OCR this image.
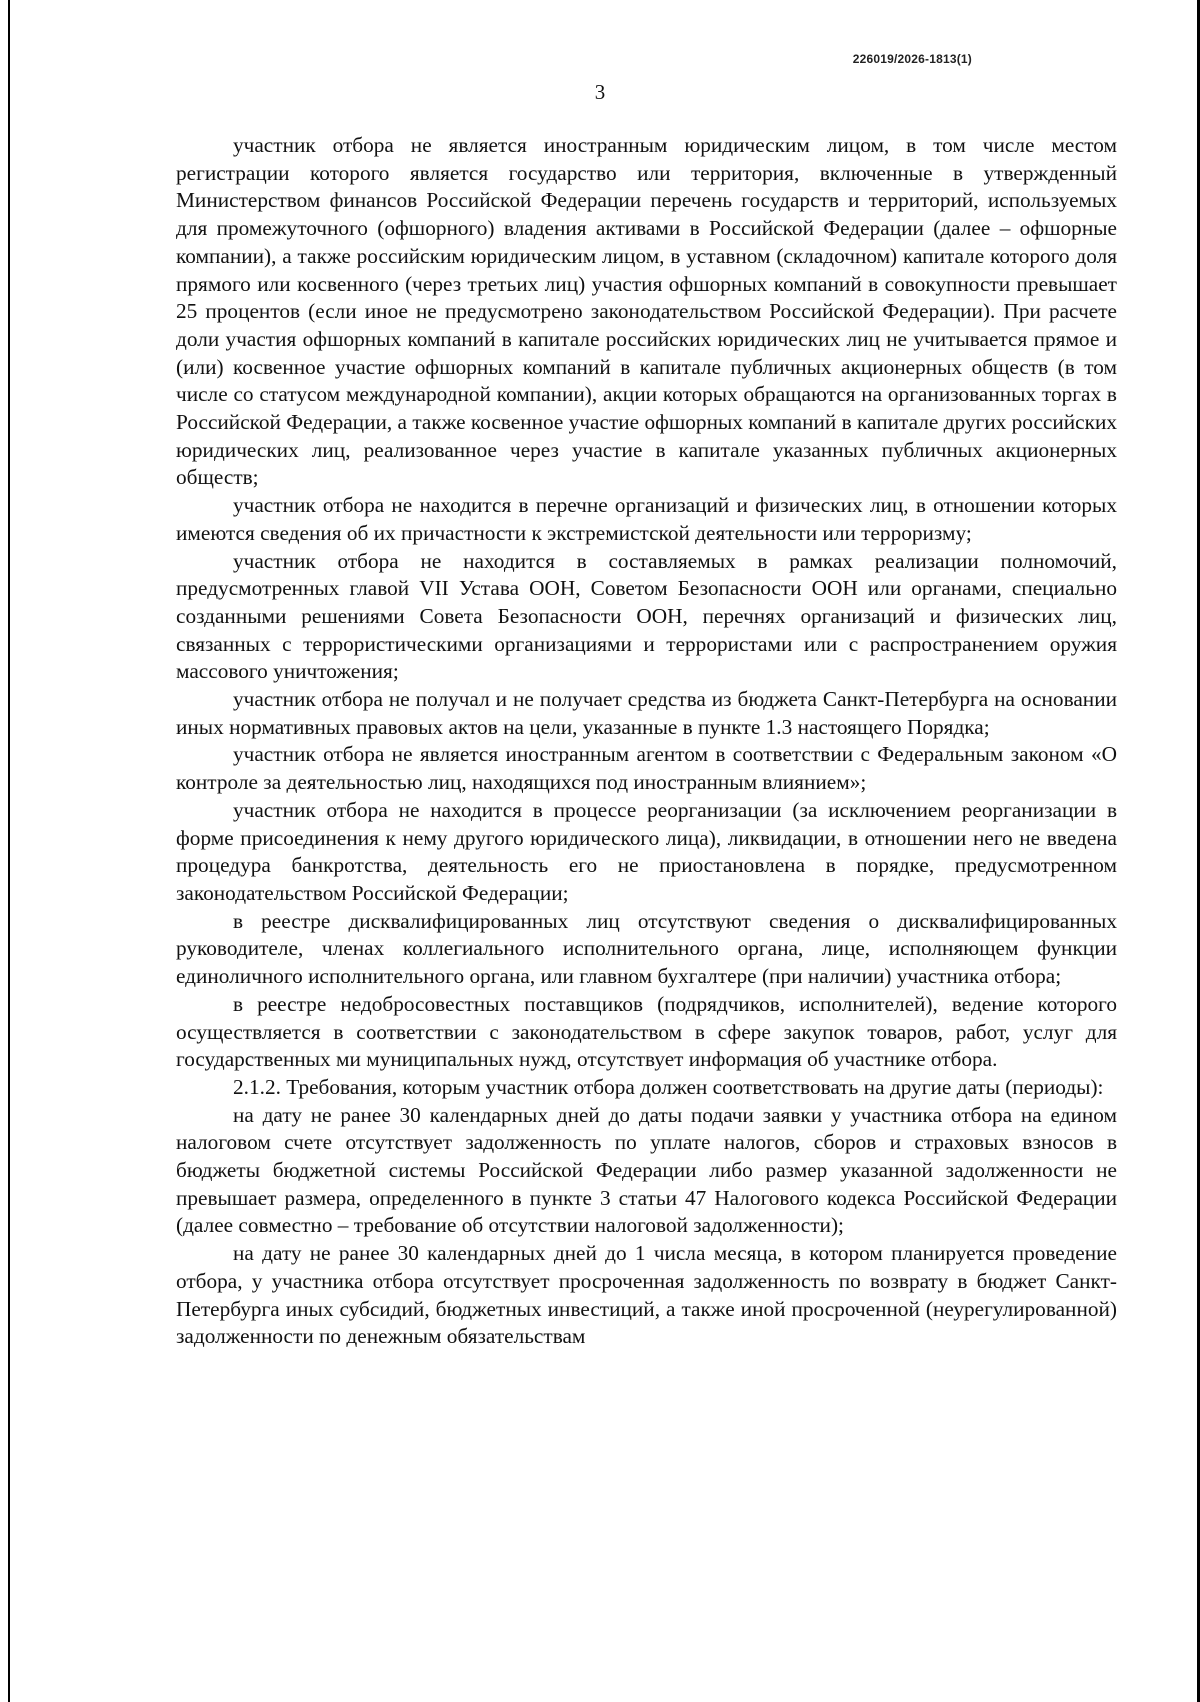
226019/2026-1813(1)
3

участник отбора не является иностранным юридическим лицом, в том числе местом регистрации которого является государство или территория, включенные в утвержденный Министерством финансов Российской Федерации перечень государств и территорий, используемых для промежуточного (офшорного) владения активами в Российской Федерации (далее – офшорные компании), а также российским юридическим лицом, в уставном (складочном) капитале которого доля прямого или косвенного (через третьих лиц) участия офшорных компаний в совокупности превышает 25 процентов (если иное не предусмотрено законодательством Российской Федерации). При расчете доли участия офшорных компаний в капитале российских юридических лиц не учитывается прямое и (или) косвенное участие офшорных компаний в капитале публичных акционерных обществ (в том числе со статусом международной компании), акции которых обращаются на организованных торгах в Российской Федерации, а также косвенное участие офшорных компаний в капитале других российских юридических лиц, реализованное через участие в капитале указанных публичных акционерных обществ;

участник отбора не находится в перечне организаций и физических лиц, в отношении которых имеются сведения об их причастности к экстремистской деятельности или терроризму;

участник отбора не находится в составляемых в рамках реализации полномочий, предусмотренных главой VII Устава ООН, Советом Безопасности ООН или органами, специально созданными решениями Совета Безопасности ООН, перечнях организаций и физических лиц, связанных с террористическими организациями и террористами или с распространением оружия массового уничтожения;

участник отбора не получал и не получает средства из бюджета Санкт-Петербурга на основании иных нормативных правовых актов на цели, указанные в пункте 1.3 настоящего Порядка;

участник отбора не является иностранным агентом в соответствии с Федеральным законом «О контроле за деятельностью лиц, находящихся под иностранным влиянием»;

участник отбора не находится в процессе реорганизации (за исключением реорганизации в форме присоединения к нему другого юридического лица), ликвидации, в отношении него не введена процедура банкротства, деятельность его не приостановлена в порядке, предусмотренном законодательством Российской Федерации;

в реестре дисквалифицированных лиц отсутствуют сведения о дисквалифицированных руководителе, членах коллегиального исполнительного органа, лице, исполняющем функции единоличного исполнительного органа, или главном бухгалтере (при наличии) участника отбора;

в реестре недобросовестных поставщиков (подрядчиков, исполнителей), ведение которого осуществляется в соответствии с законодательством в сфере закупок товаров, работ, услуг для государственных ми муниципальных нужд, отсутствует информация об участнике отбора.

2.1.2. Требования, которым участник отбора должен соответствовать на другие даты (периоды):

на дату не ранее 30 календарных дней до даты подачи заявки у участника отбора на едином налоговом счете отсутствует задолженность по уплате налогов, сборов и страховых взносов в бюджеты бюджетной системы Российской Федерации либо размер указанной задолженности не превышает размера, определенного в пункте 3 статьи 47 Налогового кодекса Российской Федерации (далее совместно – требование об отсутствии налоговой задолженности);

на дату не ранее 30 календарных дней до 1 числа месяца, в котором планируется проведение отбора, у участника отбора отсутствует просроченная задолженность по возврату в бюджет Санкт-Петербурга иных субсидий, бюджетных инвестиций, а также иной просроченной (неурегулированной) задолженности по денежным обязательствам
